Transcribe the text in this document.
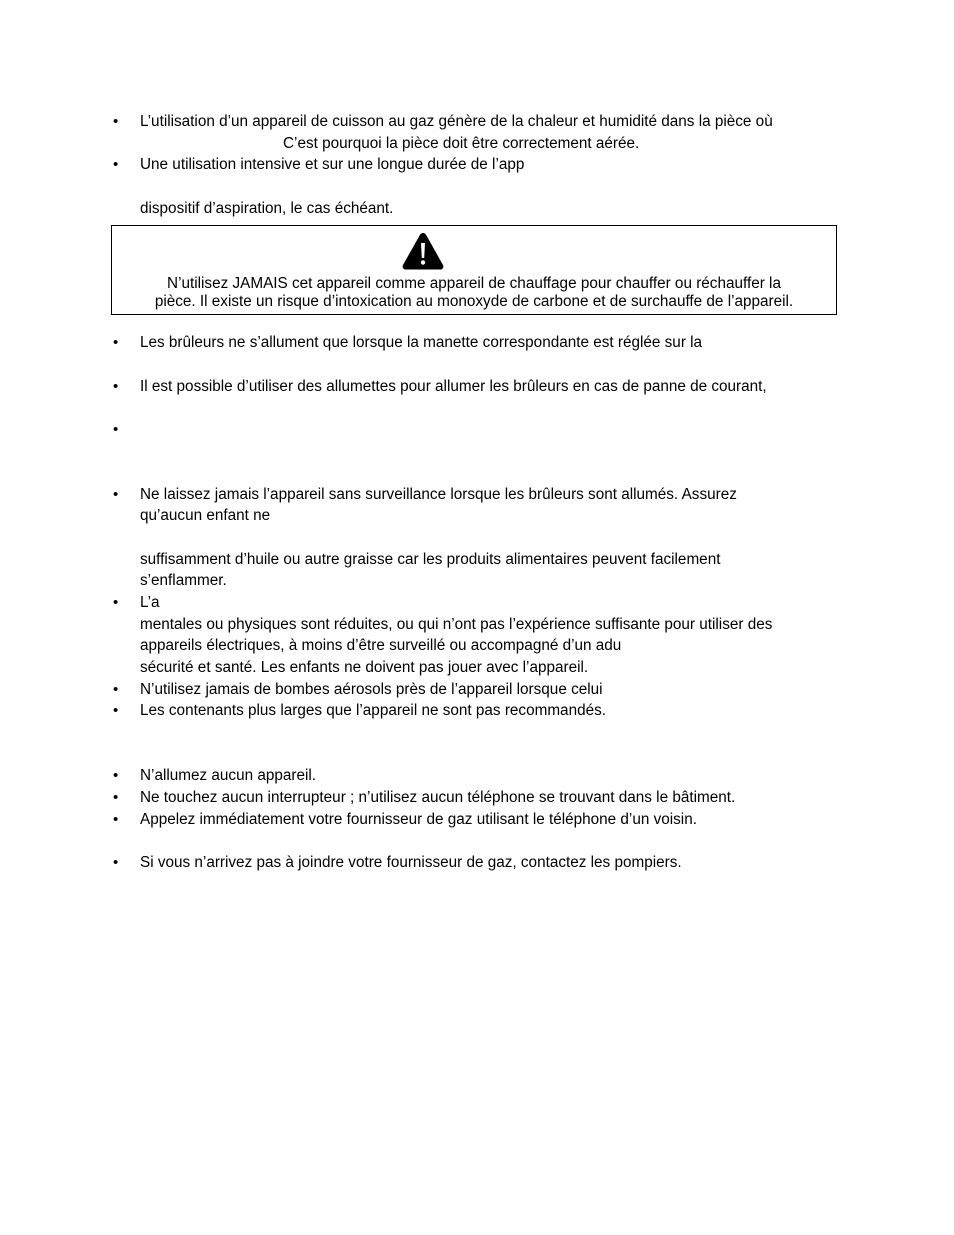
• L’utilisation d’un appareil de cuisson au gaz génère de la chaleur et humidité dans la pièce où
C’est pourquoi la pièce doit être correctement aérée.
• Une utilisation intensive et sur une longue durée de l’app
dispositif d’aspiration, le cas échéant.
N’utilisez JAMAIS cet appareil comme appareil de chauffage pour chauffer ou réchauffer la
pièce. Il existe un risque d’intoxication au monoxyde de carbone et de surchauffe de l’appareil.
• Les brûleurs ne s’allument que lorsque la manette correspondante est réglée sur la
• Il est possible d’utiliser des allumettes pour allumer les brûleurs en cas de panne de courant,
•
• Ne laissez jamais l’appareil sans surveillance lorsque les brûleurs sont allumés. Assurez
qu’aucun enfant ne
suffisamment d’huile ou autre graisse car les produits alimentaires peuvent facilement
s’enflammer.
• L’a
mentales ou physiques sont réduites, ou qui n’ont pas l’expérience suffisante pour utiliser des
appareils électriques, à moins d’être surveillé ou accompagné d’un adu
sécurité et santé. Les enfants ne doivent pas jouer avec l’appareil.
• N’utilisez jamais de bombes aérosols près de l’appareil lorsque celui
• Les contenants plus larges que l’appareil ne sont pas recommandés.
• N’allumez aucun appareil.
• Ne touchez aucun interrupteur ; n’utilisez aucun téléphone se trouvant dans le bâtiment.
• Appelez immédiatement votre fournisseur de gaz utilisant le téléphone d’un voisin.
• Si vous n’arrivez pas à joindre votre fournisseur de gaz, contactez les pompiers.
